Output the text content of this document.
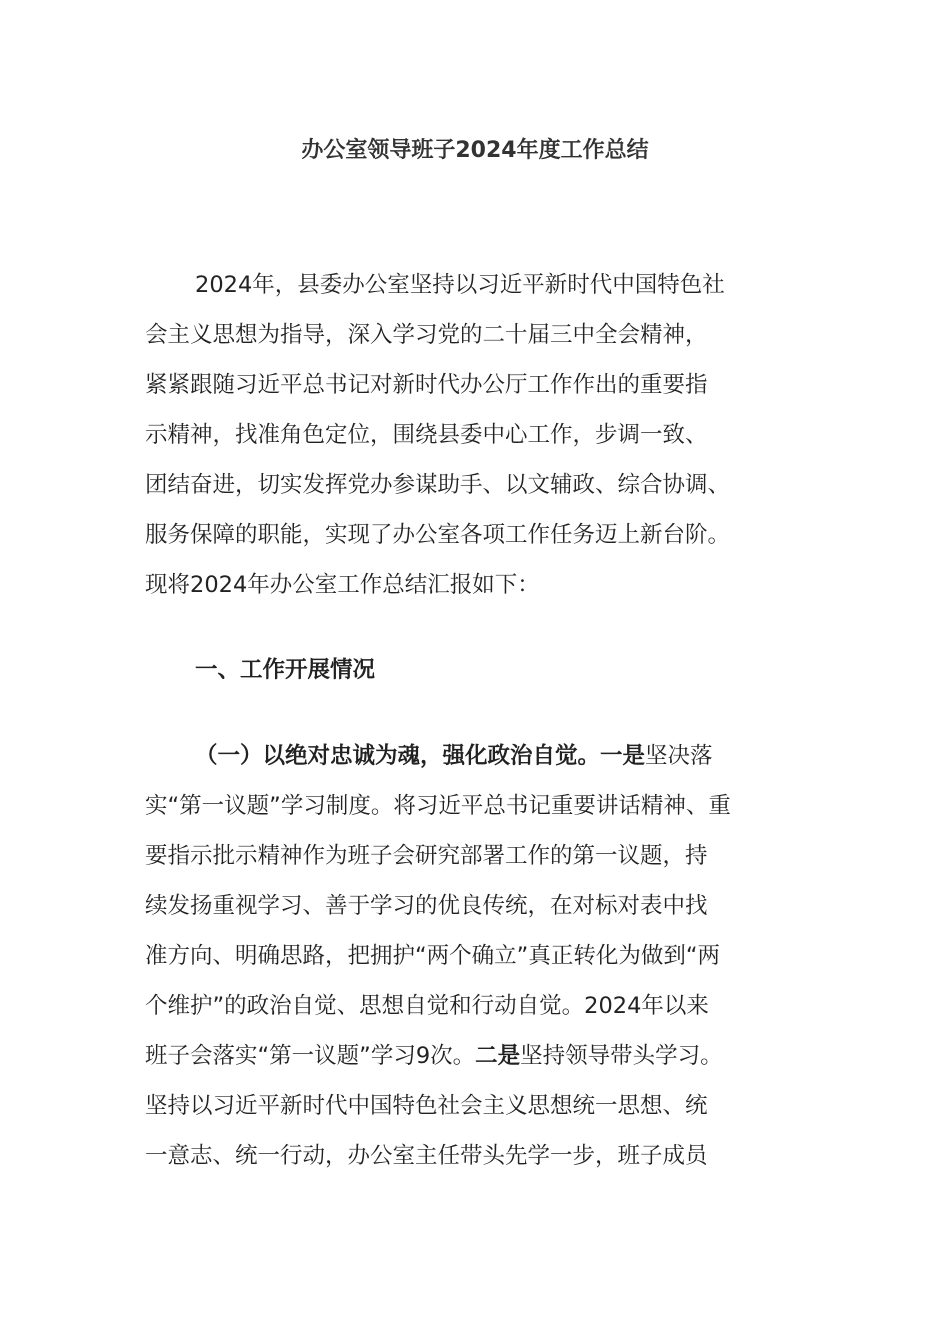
办公室领导班子2024年度工作总结
2024年，县委办公室坚持以习近平新时代中国特色社
会主义思想为指导，深入学习党的二十届三中全会精神，
紧紧跟随习近平总书记对新时代办公厅工作作出的重要指
示精神，找准角色定位，围绕县委中心工作，步调一致、
团结奋进，切实发挥党办参谋助手、以文辅政、综合协调、
服务保障的职能，实现了办公室各项工作任务迈上新台阶。
现将2024年办公室工作总结汇报如下：
一、工作开展情况
（一）以绝对忠诚为魂，强化政治自觉。一是坚决落
实“第一议题”学习制度。将习近平总书记重要讲话精神、重
要指示批示精神作为班子会研究部署工作的第一议题，持
续发扬重视学习、善于学习的优良传统，在对标对表中找
准方向、明确思路，把拥护“两个确立”真正转化为做到“两
个维护”的政治自觉、思想自觉和行动自觉。2024年以来
班子会落实“第一议题”学习9次。二是坚持领导带头学习。
坚持以习近平新时代中国特色社会主义思想统一思想、统
一意志、统一行动，办公室主任带头先学一步，班子成员
